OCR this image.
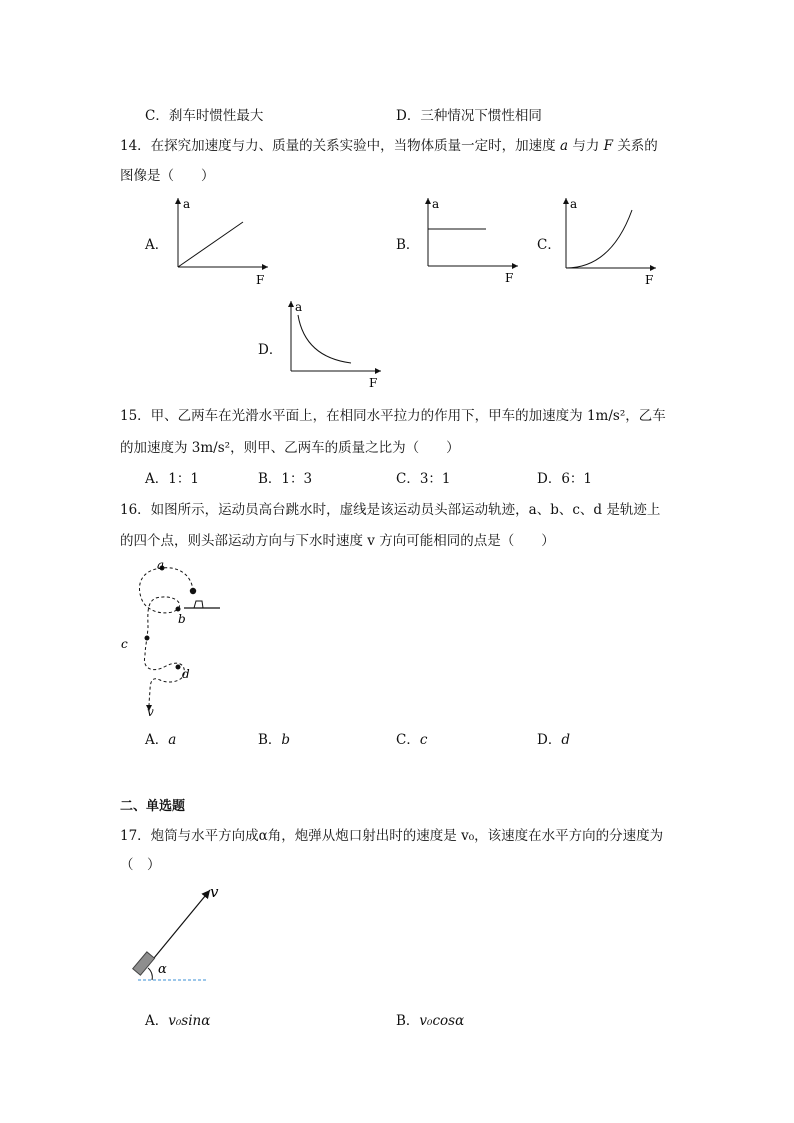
C．刹车时惯性最大	D．三种情况下惯性相同
14．在探究加速度与力、质量的关系实验中，当物体质量一定时，加速度 a 与力 F 关系的
图像是（　　）
A．
a
F
B．
a
F
C．
a
F
D．
a
F
15．甲、乙两车在光滑水平面上，在相同水平拉力的作用下，甲车的加速度为 1m/s²，乙车
的加速度为 3m/s²，则甲、乙两车的质量之比为（　　）
A．1：1	B．1：3	C．3：1	D．6：1
16．如图所示，运动员高台跳水时，虚线是该运动员头部运动轨迹，a、b、c、d 是轨迹上
的四个点，则头部运动方向与下水时速度 v 方向可能相同的点是（　　）
a
b
c
d
v
A．a	B．b	C．c	D．d
二、单选题
17．炮筒与水平方向成α角，炮弹从炮口射出时的速度是 v₀，该速度在水平方向的分速度为
（　）
α
v
A．v₀sinα	B．v₀cosα
